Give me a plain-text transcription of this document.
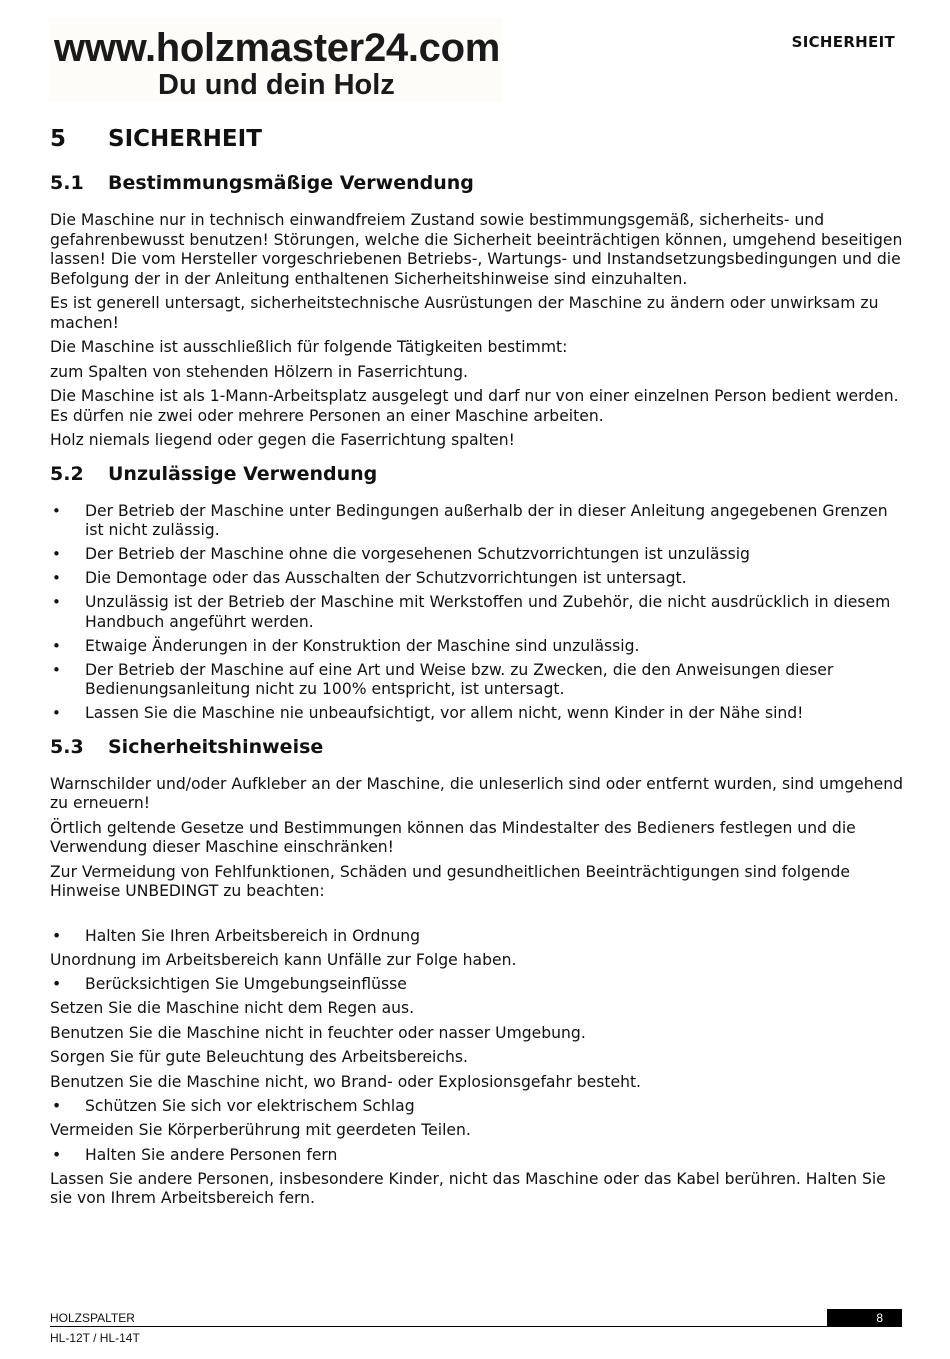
www.holzmaster24.com
Du und dein Holz
SICHERHEIT
5	SICHERHEIT
5.1	Bestimmungsmäßige Verwendung

Die Maschine nur in technisch einwandfreiem Zustand sowie bestimmungsgemäß, sicherheits- und gefahrenbewusst benutzen! Störungen, welche die Sicherheit beeinträchtigen können, umgehend beseitigen lassen! Die vom Hersteller vorgeschriebenen Betriebs-, Wartungs- und Instandsetzungsbedingungen und die Befolgung der in der Anleitung enthaltenen Sicherheitshinweise sind einzuhalten.

Es ist generell untersagt, sicherheitstechnische Ausrüstungen der Maschine zu ändern oder unwirksam zu machen!

Die Maschine ist ausschließlich für folgende Tätigkeiten bestimmt:

zum Spalten von stehenden Hölzern in Faserrichtung.

Die Maschine ist als 1-Mann-Arbeitsplatz ausgelegt und darf nur von einer einzelnen Person bedient werden. Es dürfen nie zwei oder mehrere Personen an einer Maschine arbeiten.

Holz niemals liegend oder gegen die Faserrichtung spalten!

5.2	Unzulässige Verwendung
• Der Betrieb der Maschine unter Bedingungen außerhalb der in dieser Anleitung angegebenen Grenzen ist nicht zulässig.
• Der Betrieb der Maschine ohne die vorgesehenen Schutzvorrichtungen ist unzulässig
• Die Demontage oder das Ausschalten der Schutzvorrichtungen ist untersagt.
• Unzulässig ist der Betrieb der Maschine mit Werkstoffen und Zubehör, die nicht ausdrücklich in diesem Handbuch angeführt werden.
• Etwaige Änderungen in der Konstruktion der Maschine sind unzulässig.
• Der Betrieb der Maschine auf eine Art und Weise bzw. zu Zwecken, die den Anweisungen dieser Bedienungsanleitung nicht zu 100% entspricht, ist untersagt.
• Lassen Sie die Maschine nie unbeaufsichtigt, vor allem nicht, wenn Kinder in der Nähe sind!
5.3	Sicherheitshinweise

Warnschilder und/oder Aufkleber an der Maschine, die unleserlich sind oder entfernt wurden, sind umgehend zu erneuern!

Örtlich geltende Gesetze und Bestimmungen können das Mindestalter des Bedieners festlegen und die Verwendung dieser Maschine einschränken!

Zur Vermeidung von Fehlfunktionen, Schäden und gesundheitlichen Beeinträchtigungen sind folgende Hinweise UNBEDINGT zu beachten:

• Halten Sie Ihren Arbeitsbereich in Ordnung

Unordnung im Arbeitsbereich kann Unfälle zur Folge haben.

• Berücksichtigen Sie Umgebungseinflüsse

Setzen Sie die Maschine nicht dem Regen aus.

Benutzen Sie die Maschine nicht in feuchter oder nasser Umgebung.

Sorgen Sie für gute Beleuchtung des Arbeitsbereichs.

Benutzen Sie die Maschine nicht, wo Brand- oder Explosionsgefahr besteht.

• Schützen Sie sich vor elektrischem Schlag

Vermeiden Sie Körperberührung mit geerdeten Teilen.

• Halten Sie andere Personen fern

Lassen Sie andere Personen, insbesondere Kinder, nicht das Maschine oder das Kabel berühren. Halten Sie sie von Ihrem Arbeitsbereich fern.

HOLZSPALTER	8
HL-12T / HL-14T
